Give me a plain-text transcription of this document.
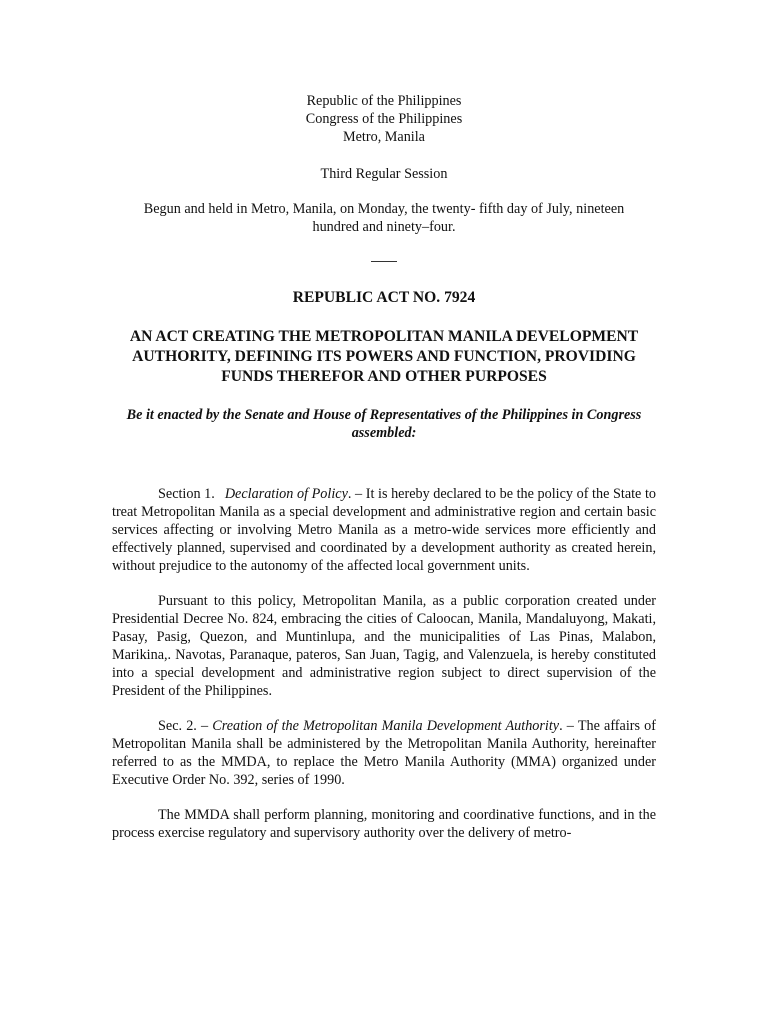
Republic of the Philippines
Congress of the Philippines
Metro, Manila
Third Regular Session
Begun and held in Metro, Manila, on Monday, the twenty- fifth day of July, nineteen hundred and ninety–four.
REPUBLIC ACT NO. 7924
AN ACT CREATING THE METROPOLITAN MANILA DEVELOPMENT AUTHORITY, DEFINING ITS POWERS AND FUNCTION, PROVIDING FUNDS THEREFOR AND OTHER PURPOSES
Be it enacted by the Senate and House of Representatives of the Philippines in Congress assembled:

Section 1. Declaration of Policy. – It is hereby declared to be the policy of the State to treat Metropolitan Manila as a special development and administrative region and certain basic services affecting or involving Metro Manila as a metro-wide services more efficiently and effectively planned, supervised and coordinated by a development authority as created herein, without prejudice to the autonomy of the affected local government units.

Pursuant to this policy, Metropolitan Manila, as a public corporation created under Presidential Decree No. 824, embracing the cities of Caloocan, Manila, Mandaluyong, Makati, Pasay, Pasig, Quezon, and Muntinlupa, and the municipalities of Las Pinas, Malabon, Marikina,. Navotas, Paranaque, pateros, San Juan, Tagig, and Valenzuela, is hereby constituted into a special development and administrative region subject to direct supervision of the President of the Philippines.

Sec. 2. – Creation of the Metropolitan Manila Development Authority. – The affairs of Metropolitan Manila shall be administered by the Metropolitan Manila Authority, hereinafter referred to as the MMDA, to replace the Metro Manila Authority (MMA) organized under Executive Order No. 392, series of 1990.

The MMDA shall perform planning, monitoring and coordinative functions, and in the process exercise regulatory and supervisory authority over the delivery of metro-
